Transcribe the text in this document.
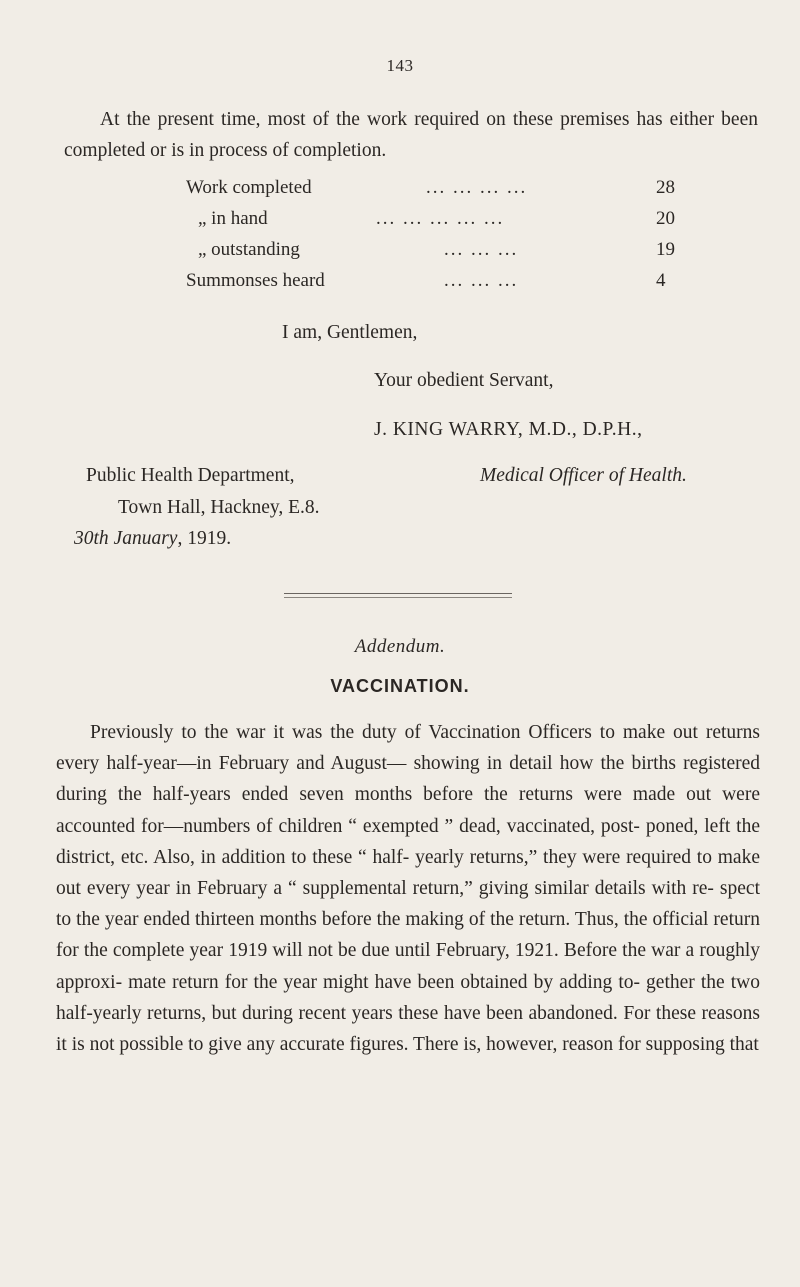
143
At the present time, most of the work required on these premises has either been completed or is in process of completion.
Work completed	... ... ... ...	28
„ in hand	... ... ... ... ...	20
„ outstanding	... ... ...	19
Summonses heard	... ... ...	4
I am, Gentlemen,
Your obedient Servant,
J. KING WARRY, M.D., D.P.H.,
Public Health Department,	Medical Officer of Health.
Town Hall, Hackney, E.8.
30th January, 1919.
Addendum.
VACCINATION.
Previously to the war it was the duty of Vaccination Officers to make out returns every half-year—in February and August— showing in detail how the births registered during the half-years ended seven months before the returns were made out were accounted for—numbers of children “ exempted ” dead, vaccinated, post- poned, left the district, etc. Also, in addition to these “ half- yearly returns,” they were required to make out every year in February a “ supplemental return,” giving similar details with re- spect to the year ended thirteen months before the making of the return. Thus, the official return for the complete year 1919 will not be due until February, 1921. Before the war a roughly approxi- mate return for the year might have been obtained by adding to- gether the two half-yearly returns, but during recent years these have been abandoned. For these reasons it is not possible to give any accurate figures. There is, however, reason for supposing that
